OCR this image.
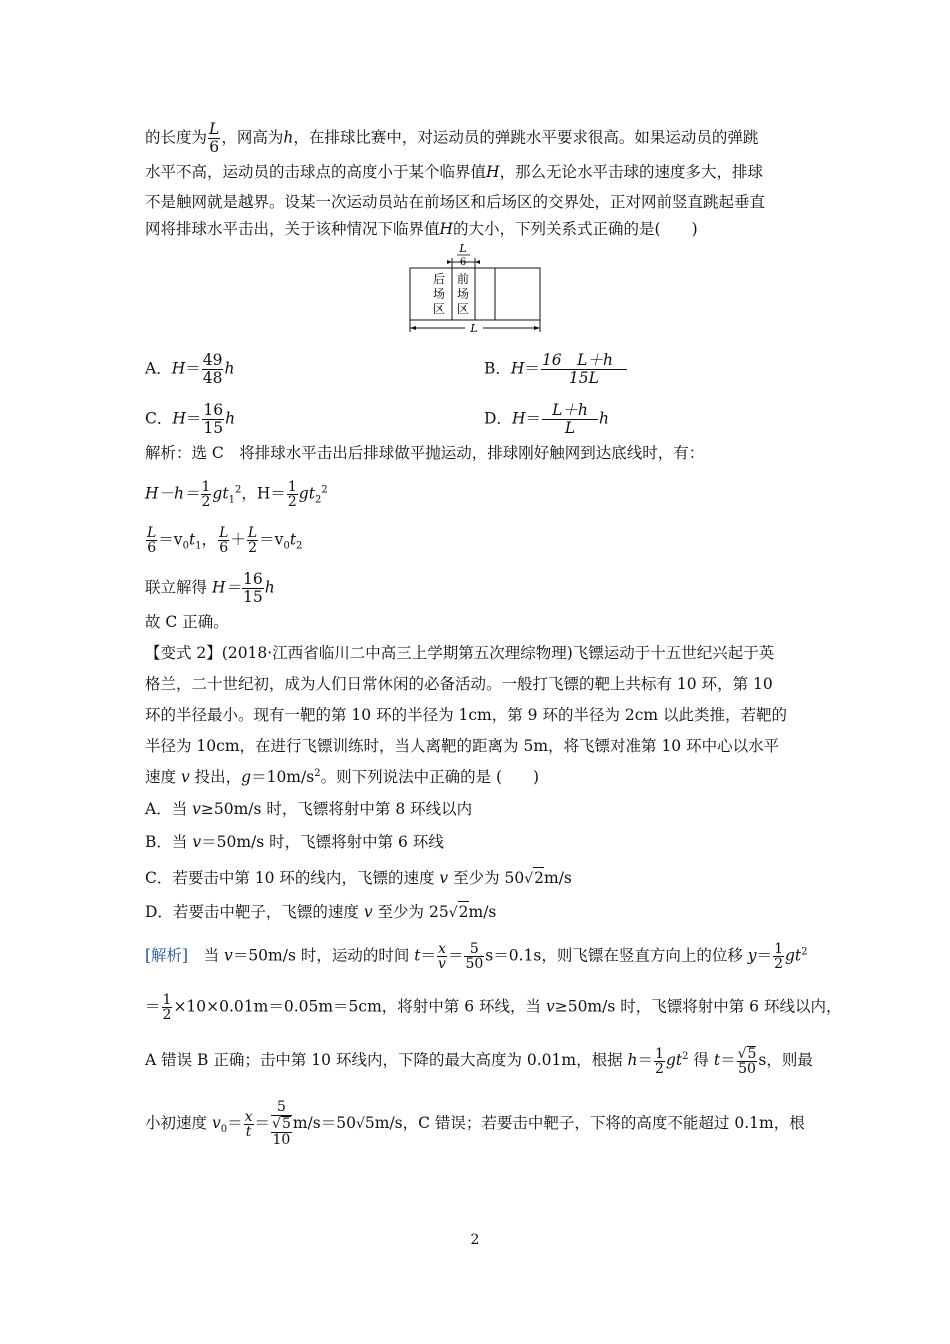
的长度为 $\frac{L}{6}$ ，网高为h，在排球比赛中，对运动员的弹跳水平要求很高。如果运动员的弹跳
水平不高，运动员的击球点的高度小于某个临界值H，那么无论水平击球的速度多大，排球
不是触网就是越界。设某一次运动员站在前场区和后场区的交界处，正对网前竖直跳起垂直
网将排球水平击出，关于该种情况下临界值H的大小，下列关系式正确的是(　　)
L
6
后
场
区
前
场
区
L
A．$H= \frac{49}{48}$ h	B．$H= \frac{16 L+h}{15L}$
C．$H= \frac{16}{15}$ h	D．$H= \frac{L+h}{L}$ h
解析：选 C　将排球水平击出后排球做平抛运动，排球刚好触网到达底线时，有：
$H-h= \frac{1}{2} gt_1^2$，$H= \frac{1}{2} gt_2^2$
$\frac{L}{6} =v_0t_1$， $\frac{L}{6} + \frac{L}{2} =v_0t_2$
联立解得 $H= \frac{16}{15}$ h
故 C 正确。
【变式 2】(2018·江西省临川二中高三上学期第五次理综物理)飞镖运动于十五世纪兴起于英
格兰，二十世纪初，成为人们日常休闲的必备活动。一般打飞镖的靶上共标有 10 环，第 10
环的半径最小。现有一靶的第 10 环的半径为 1cm，第 9 环的半径为 2cm 以此类推，若靶的
半径为 10cm，在进行飞镖训练时，当人离靶的距离为 5m，将飞镖对准第 10 环中心以水平
速度 v 投出，$g=10m/s^2$。则下列说法中正确的是 (　　)
A．当 v≥50m/s 时，飞镖将射中第 8 环线以内
B．当 v＝50m/s 时，飞镖将射中第 6 环线
C．若要击中第 10 环的线内，飞镖的速度 v 至少为 50√2m/s
D．若要击中靶子，飞镖的速度 v 至少为 25√2m/s
[解析]　当 v＝50m/s 时，运动的时间 $t= \frac{x}{v} = \frac{5}{50} s=0.1s$，则飞镖在竖直方向上的位移 $y= \frac{1}{2} gt^2$
＝ $\frac{1}{2} \times 10\times 0.01m=0.05m=5cm$，将射中第 6 环线，当 v≥50m/s 时，飞镖将射中第 6 环线以内，
A 错误 B 正确；击中第 10 环线内，下降的最大高度为 0.01m，根据 $h= \frac{1}{2} gt^2$ 得 $t= \frac{√5}{50}$ s，则最
小初速度 $v_0= \frac{x}{t}$ ＝
5
√5
10
m/s＝50√5m/s，C 错误；若要击中靶子，下将的高度不能超过 0.1m，根
2
